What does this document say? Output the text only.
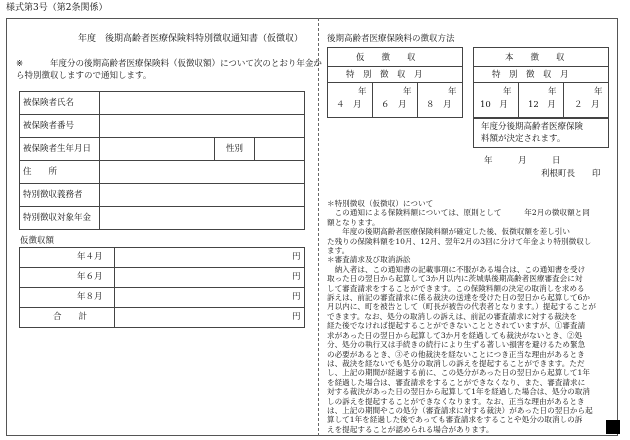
様式第3号（第2条関係）
年度　後期高齢者医療保険料特別徴収通知書（仮徴収）
※	年度分の後期高齢者医療保険料（仮徴収額）について次のとおり年金か
ら特別徴収しますので通知します。
仮徴収額
後期高齢者医療保険料の徴収方法
仮　　徴　　収
特　別　徴　収　月
年	年	年
４　月 ６　月 ８　月
本　　徴　　収
特　別　徴　収　月
年	年	年
10　月 12　月 ２　月
年度分後期高齢者医療保険
料額が決定されます。
年　　　月　　　日
利根町長　　印
＊特別徴収（仮徴収）について
　この通知による保険料額については、原則として　　　年2月の徴収額と同
額となります。
　　年度の後期高齢者医療保険料額が確定した後、仮徴収額を差し引い
た残りの保険料額を10月、12月、翌年2月の3回に分けて年金より特別徴収し
ます。
＊審査請求及び取消訴訟
　納入者は、この通知書の記載事項に不服がある場合は、この通知書を受け
取った日の翌日から起算して3か月以内に茨城県後期高齢者医療審査会に対
して審査請求をすることができます。この保険料額の決定の取消しを求める
訴えは、前記の審査請求に係る裁決の送達を受けた日の翌日から起算して6か
月以内に、町を被告として（町長が被告の代表者となります。）提起することが
できます。なお、処分の取消しの訴えは、前記の審査請求に対する裁決を
経た後でなければ提起することができないこととされていますが、①審査請
求があった日の翌日から起算して3か月を経過しても裁決がないとき、②処
分、処分の執行又は手続きの続行により生ずる著しい損害を避けるため緊急
の必要があるとき、③その他裁決を経ないことにつき正当な理由があるとき
は、裁決を経ないでも処分の取消しの訴えを提起することができます。ただ
し、上記の期間が経過する前に、この処分があった日の翌日から起算して1年
を経過した場合は、審査請求をすることができなくなり、また、審査請求に
対する裁決があった日の翌日から起算して1年を経過した場合は、処分の取消
しの訴えを提起することができなくなります。なお、正当な理由があるとき
は、上記の期間やこの処分（審査請求に対する裁決）があった日の翌日から起
算して1年を経過した後であっても審査請求をすることや処分の取消しの訴
えを提起することが認められる場合があります。
被保険者氏名
被保険者番号
被保険者生年月日	性別
住　　所
特別徴収義務者
特別徴収対象年金
年４月	円
年６月	円
年８月	円
合　　計	円
